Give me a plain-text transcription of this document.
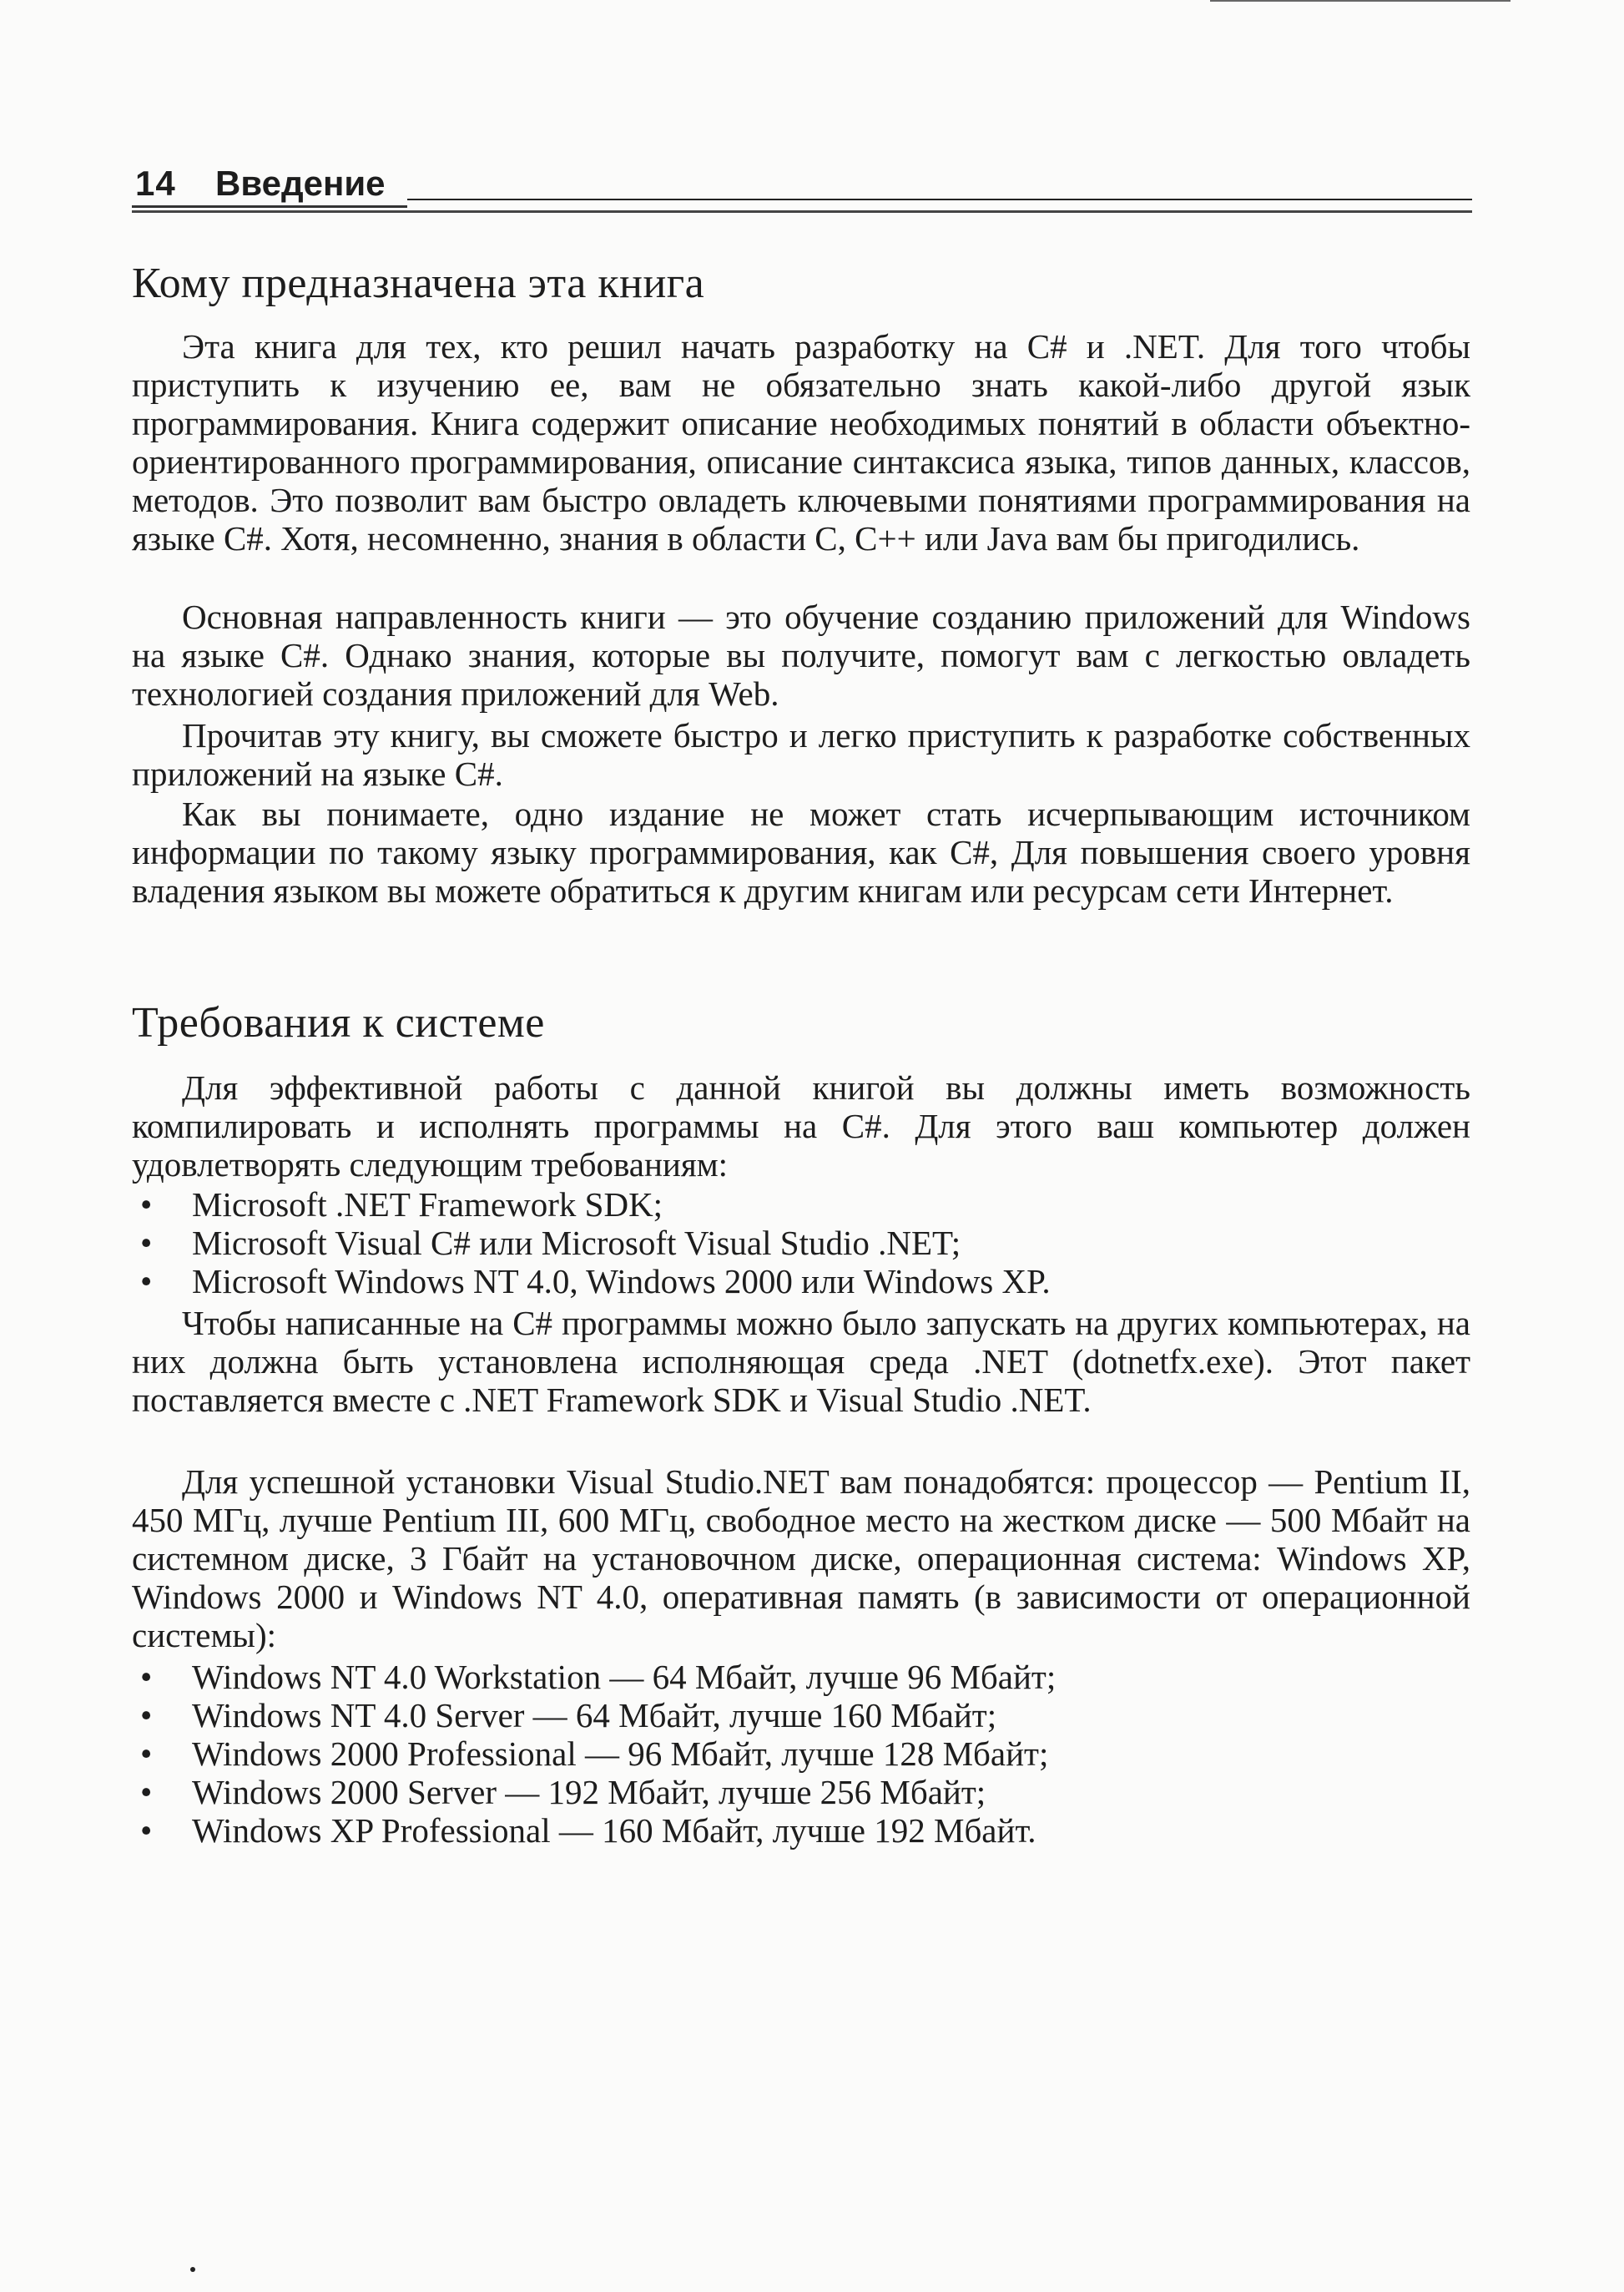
14 Введение
Кому предназначена эта книга

Эта книга для тех, кто решил начать разработку на C# и .NET. Для того чтобы приступить к изучению ее, вам не обязательно знать какой-либо другой язык программирования. Книга содержит описание необходимых понятий в области объектно-ориентированного программирования, описание синтаксиса языка, типов данных, классов, методов. Это позволит вам быстро овладеть ключевыми понятиями программирования на языке C#. Хотя, несомненно, знания в области С, C++ или Java вам бы пригодились.

Основная направленность книги — это обучение созданию приложений для Windows на языке C#. Однако знания, которые вы получите, помогут вам с легкостью овладеть технологией создания приложений для Web.

Прочитав эту книгу, вы сможете быстро и легко приступить к разработке собственных приложений на языке C#.

Как вы понимаете, одно издание не может стать исчерпывающим источником информации по такому языку программирования, как C#, Для повышения своего уровня владения языком вы можете обратиться к другим книгам или ресурсам сети Интернет.

Требования к системе

Для эффективной работы с данной книгой вы должны иметь возможность компилировать и исполнять программы на C#. Для этого ваш компьютер должен удовлетворять следующим требованиям:

• Microsoft .NET Framework SDK;
• Microsoft Visual C# или Microsoft Visual Studio .NET;
• Microsoft Windows NT 4.0, Windows 2000 или Windows XP.

Чтобы написанные на C# программы можно было запускать на других компьютерах, на них должна быть установлена исполняющая среда .NET (dotnetfx.exe). Этот пакет поставляется вместе с .NET Framework SDK и Visual Studio .NET.

Для успешной установки Visual Studio.NET вам понадобятся: процессор — Pentium II, 450 МГц, лучше Pentium III, 600 МГц, свободное место на жестком диске — 500 Мбайт на системном диске, 3 Гбайт на установочном диске, операционная система: Windows XP, Windows 2000 и Windows NT 4.0, оперативная память (в зависимости от операционной системы):

• Windows NT 4.0 Workstation — 64 Мбайт, лучше 96 Мбайт;
• Windows NT 4.0 Server — 64 Мбайт, лучше 160 Мбайт;
• Windows 2000 Professional — 96 Мбайт, лучше 128 Мбайт;
• Windows 2000 Server — 192 Мбайт, лучше 256 Мбайт;
• Windows XP Professional — 160 Мбайт, лучше 192 Мбайт.
